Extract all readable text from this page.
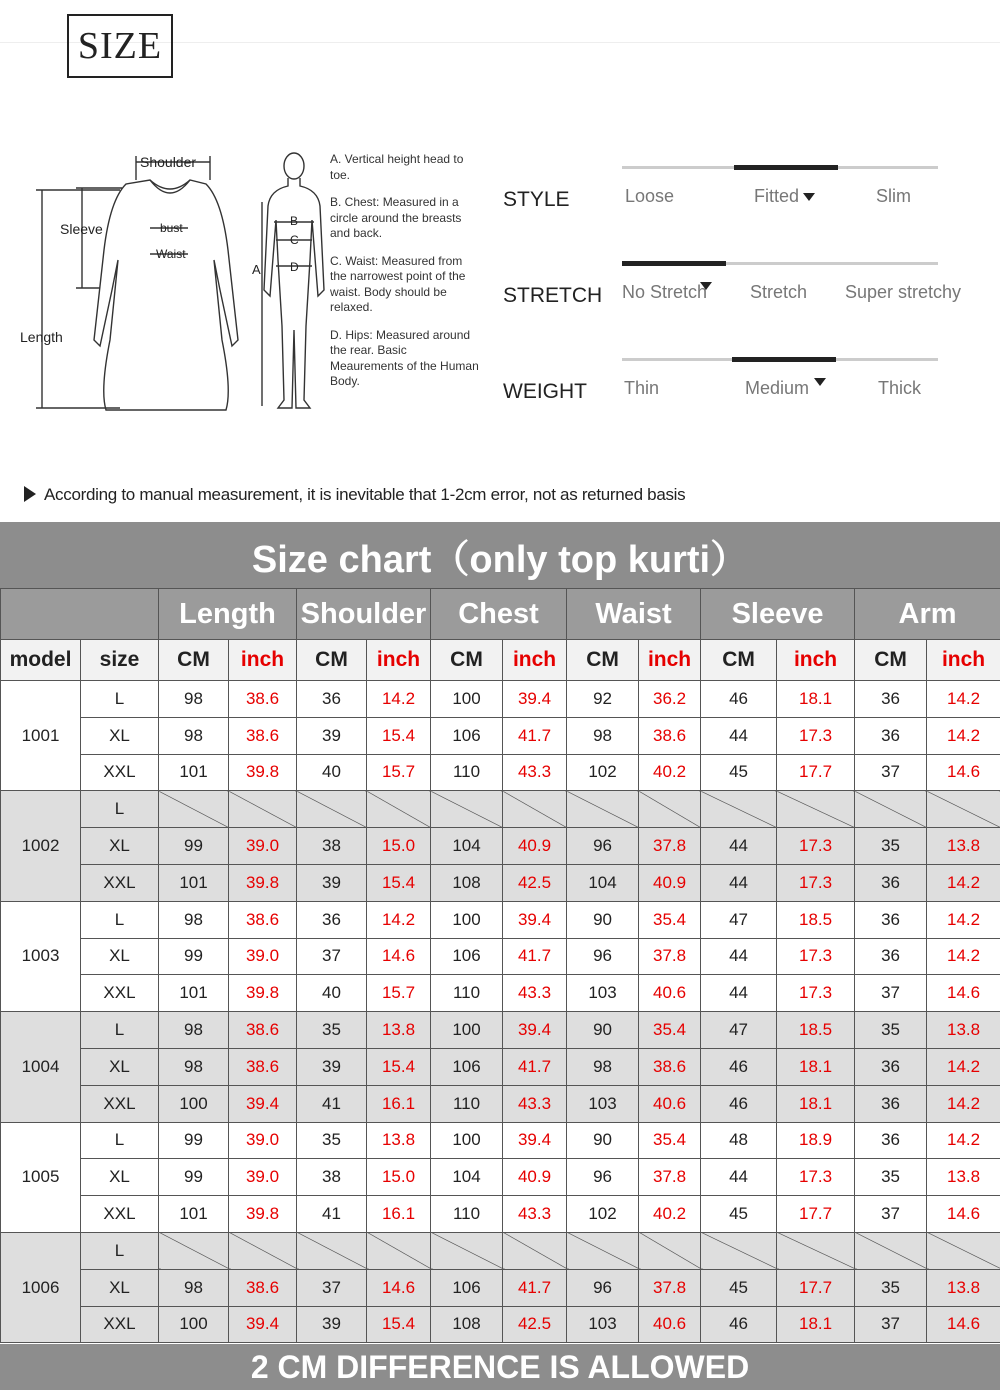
SIZE
Shoulder
Sleeve	bust
Waist
Length
A
B
C
D

A. Vertical height head to toe.

B. Chest: Measured in a circle around the breasts and back.

C. Waist: Measured from the narrowest point of the waist. Body should be relaxed.

D. Hips: Measured around the rear. Basic Meaurements of the Human Body.

STYLE	Loose	Fitted	Slim
STRETCH No Stretch Stretch Super stretchy
WEIGHT Thin	Medium	Thick
According to manual measurement, it is inevitable that 1-2cm error, not as returned basis
Size chart（only top kurti）
		Length		Shoulder		Chest		Waist		Sleeve		Arm	
model	size	CM	inch	CM	inch	CM	inch	CM	inch	CM	inch	CM	inch
1001	L	98	38.6	36	14.2	100	39.4	92	36.2	46	18.1	36	14.2
	XL	98	38.6	39	15.4	106	41.7	98	38.6	44	17.3	36	14.2
	XXL	101	39.8	40	15.7	110	43.3	102	40.2	45	17.7	37	14.6
1002	L												
	XL	99	39.0	38	15.0	104	40.9	96	37.8	44	17.3	35	13.8
	XXL	101	39.8	39	15.4	108	42.5	104	40.9	44	17.3	36	14.2
1003	L	98	38.6	36	14.2	100	39.4	90	35.4	47	18.5	36	14.2
	XL	99	39.0	37	14.6	106	41.7	96	37.8	44	17.3	36	14.2
	XXL	101	39.8	40	15.7	110	43.3	103	40.6	44	17.3	37	14.6
1004	L	98	38.6	35	13.8	100	39.4	90	35.4	47	18.5	35	13.8
	XL	98	38.6	39	15.4	106	41.7	98	38.6	46	18.1	36	14.2
	XXL	100	39.4	41	16.1	110	43.3	103	40.6	46	18.1	36	14.2
1005	L	99	39.0	35	13.8	100	39.4	90	35.4	48	18.9	36	14.2
	XL	99	39.0	38	15.0	104	40.9	96	37.8	44	17.3	35	13.8
	XXL	101	39.8	41	16.1	110	43.3	102	40.2	45	17.7	37	14.6
1006	L												
	XL	98	38.6	37	14.6	106	41.7	96	37.8	45	17.7	35	13.8
	XXL	100	39.4	39	15.4	108	42.5	103	40.6	46	18.1	37	14.6
2 CM DIFFERENCE IS ALLOWED
